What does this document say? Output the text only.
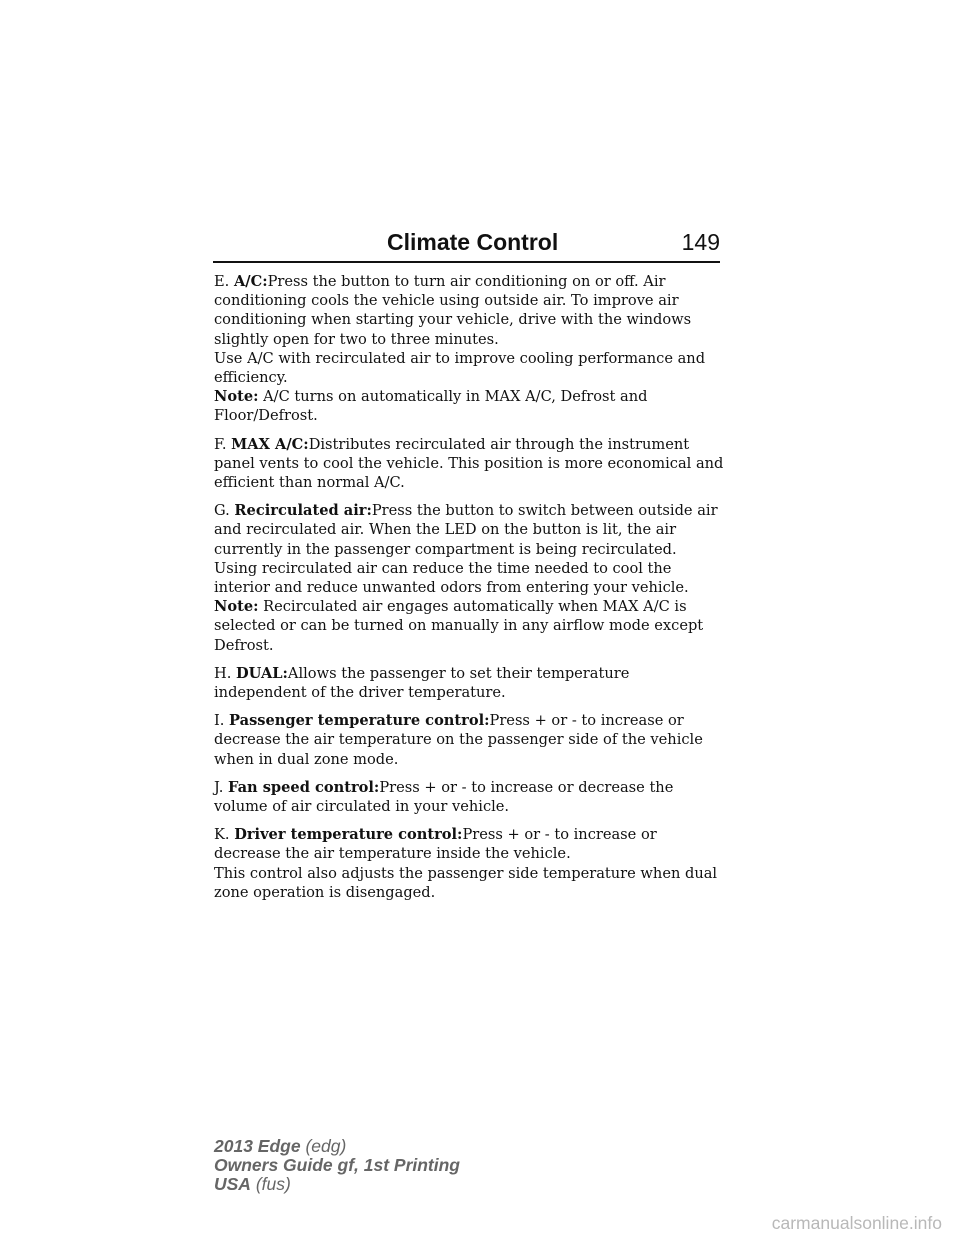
Climate Control	149

E. A/C:Press the button to turn air conditioning on or off. Air conditioning cools the vehicle using outside air. To improve air conditioning when starting your vehicle, drive with the windows slightly open for two to three minutes.

Use A/C with recirculated air to improve cooling performance and efficiency.

Note: A/C turns on automatically in MAX A/C, Defrost and Floor/Defrost.

F. MAX A/C:Distributes recirculated air through the instrument panel vents to cool the vehicle. This position is more economical and efficient than normal A/C.

G. Recirculated air:Press the button to switch between outside air and recirculated air. When the LED on the button is lit, the air currently in the passenger compartment is being recirculated. Using recirculated air can reduce the time needed to cool the interior and reduce unwanted odors from entering your vehicle.

Note: Recirculated air engages automatically when MAX A/C is selected or can be turned on manually in any airflow mode except Defrost.

H. DUAL:Allows the passenger to set their temperature independent of the driver temperature.

I. Passenger temperature control:Press + or - to increase or decrease the air temperature on the passenger side of the vehicle when in dual zone mode.

J. Fan speed control:Press + or - to increase or decrease the volume of air circulated in your vehicle.

K. Driver temperature control:Press + or - to increase or decrease the air temperature inside the vehicle.

This control also adjusts the passenger side temperature when dual zone operation is disengaged.

2013 Edge (edg)
Owners Guide gf, 1st Printing
USA (fus)
carmanualsonline.info
